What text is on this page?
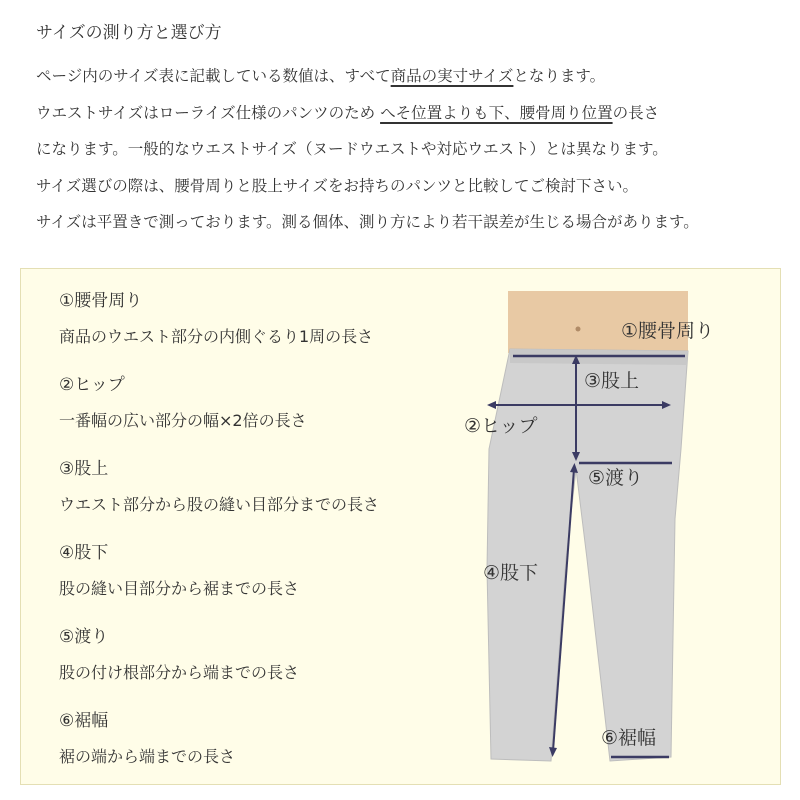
サイズの測り方と選び方

ページ内のサイズ表に記載している数値は、すべて商品の実寸サイズとなります。

ウエストサイズはローライズ仕様のパンツのため へそ位置よりも下、腰骨周り位置の長さ

になります。一般的なウエストサイズ（ヌードウエストや対応ウエスト）とは異なります。

サイズ選びの際は、腰骨周りと股上サイズをお持ちのパンツと比較してご検討下さい。

サイズは平置きで測っております。測る個体、測り方により若干誤差が生じる場合があります。

①腰骨周り
③股上
②ヒップ
⑤渡り
④股下
⑥裾幅
①腰骨周り
商品のウエスト部分の内側ぐるり1周の長さ
②ヒップ
一番幅の広い部分の幅×2倍の長さ
③股上
ウエスト部分から股の縫い目部分までの長さ
④股下
股の縫い目部分から裾までの長さ
⑤渡り
股の付け根部分から端までの長さ
⑥裾幅
裾の端から端までの長さ
